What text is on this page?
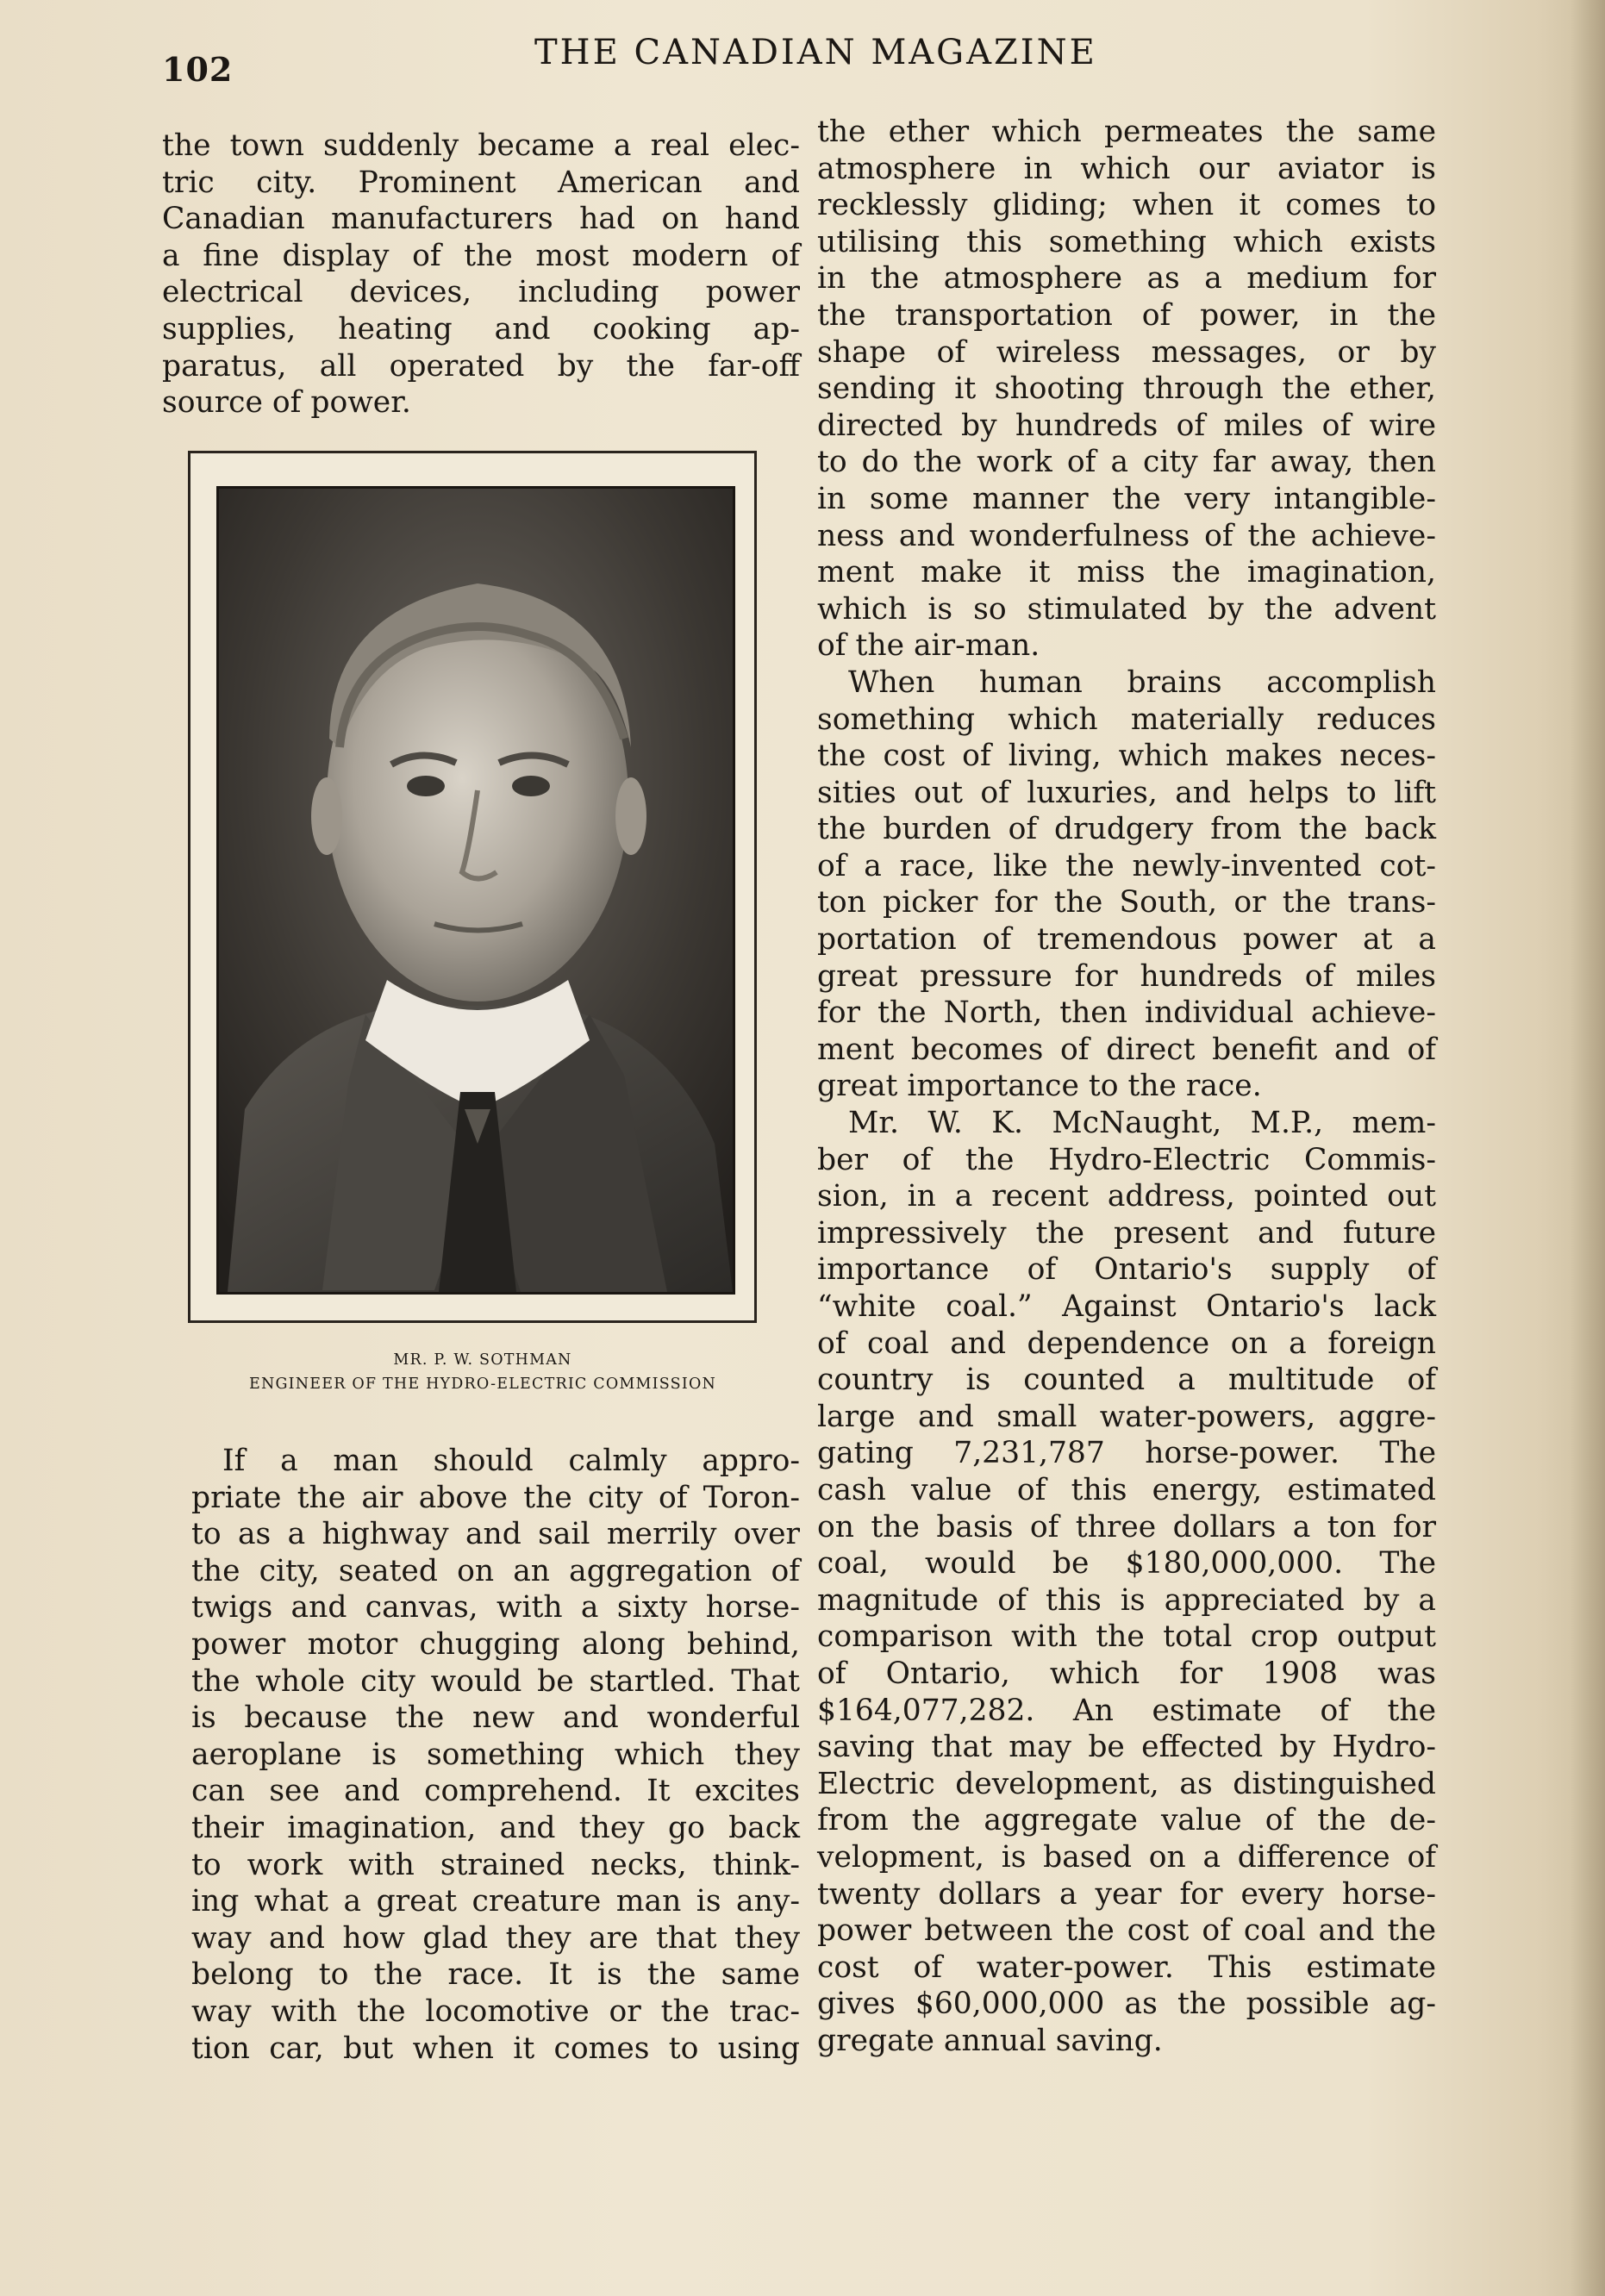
102	THE CANADIAN MAGAZINE
the town suddenly became a real elec-
tric city. Prominent American and
Canadian manufacturers had on hand
a fine display of the most modern of
electrical devices, including power
supplies, heating and cooking ap-
paratus, all operated by the far-off
source of power.
MR. P. W. SOTHMAN
ENGINEER OF THE HYDRO-ELECTRIC COMMISSION
If a man should calmly appro-
priate the air above the city of Toron-
to as a highway and sail merrily over
the city, seated on an aggregation of
twigs and canvas, with a sixty horse-
power motor chugging along behind,
the whole city would be startled. That
is because the new and wonderful
aeroplane is something which they
can see and comprehend. It excites
their imagination, and they go back
to work with strained necks, think-
ing what a great creature man is any-
way and how glad they are that they
belong to the race. It is the same
way with the locomotive or the trac-
tion car, but when it comes to using
the ether which permeates the same
atmosphere in which our aviator is
recklessly gliding; when it comes to
utilising this something which exists
in the atmosphere as a medium for
the transportation of power, in the
shape of wireless messages, or by
sending it shooting through the ether,
directed by hundreds of miles of wire
to do the work of a city far away, then
in some manner the very intangible-
ness and wonderfulness of the achieve-
ment make it miss the imagination,
which is so stimulated by the advent
of the air-man.
When human brains accomplish
something which materially reduces
the cost of living, which makes neces-
sities out of luxuries, and helps to lift
the burden of drudgery from the back
of a race, like the newly-invented cot-
ton picker for the South, or the trans-
portation of tremendous power at a
great pressure for hundreds of miles
for the North, then individual achieve-
ment becomes of direct benefit and of
great importance to the race.
Mr. W. K. McNaught, M.P., mem-
ber of the Hydro-Electric Commis-
sion, in a recent address, pointed out
impressively the present and future
importance of Ontario's supply of
“white coal.” Against Ontario's lack
of coal and dependence on a foreign
country is counted a multitude of
large and small water-powers, aggre-
gating 7,231,787 horse-power. The
cash value of this energy, estimated
on the basis of three dollars a ton for
coal, would be $180,000,000. The
magnitude of this is appreciated by a
comparison with the total crop output
of Ontario, which for 1908 was
$164,077,282. An estimate of the
saving that may be effected by Hydro-
Electric development, as distinguished
from the aggregate value of the de-
velopment, is based on a difference of
twenty dollars a year for every horse-
power between the cost of coal and the
cost of water-power. This estimate
gives $60,000,000 as the possible ag-
gregate annual saving.
